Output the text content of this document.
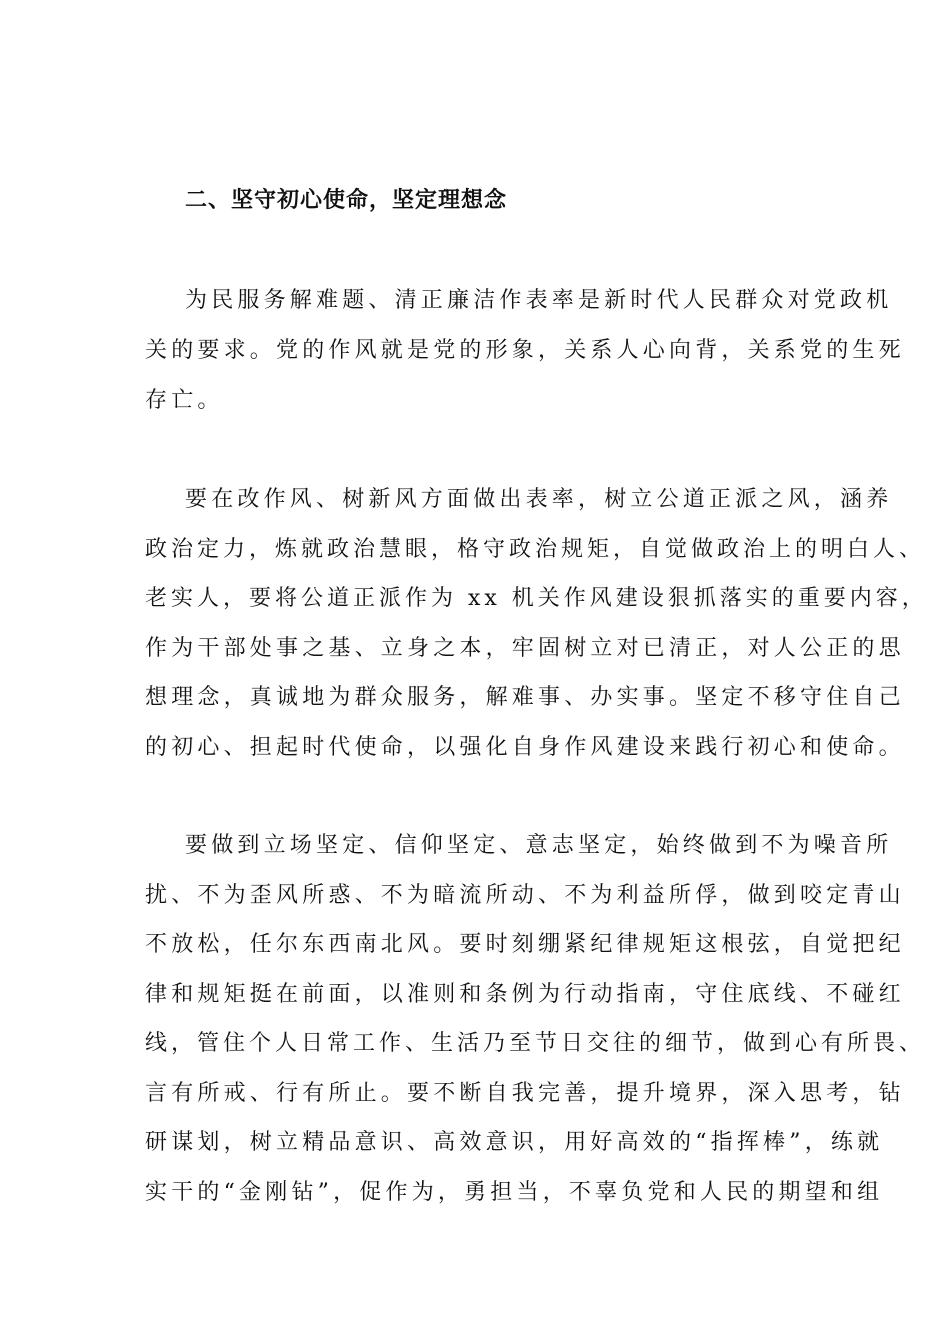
二、坚守初心使命，坚定理想念
为民服务解难题、清正廉洁作表率是新时代人民群众对党政机
关的要求。党的作风就是党的形象，关系人心向背，关系党的生死
存亡。
要在改作风、树新风方面做出表率，树立公道正派之风，涵养
政治定力，炼就政治慧眼，格守政治规矩，自觉做政治上的明白人、
老实人，要将公道正派作为 xx 机关作风建设狠抓落实的重要内容，
作为干部处事之基、立身之本，牢固树立对已清正，对人公正的思
想理念，真诚地为群众服务，解难事、办实事。坚定不移守住自己
的初心、担起时代使命，以强化自身作风建设来践行初心和使命。
要做到立场坚定、信仰坚定、意志坚定，始终做到不为噪音所
扰、不为歪风所惑、不为暗流所动、不为利益所俘，做到咬定青山
不放松，任尔东西南北风。要时刻绷紧纪律规矩这根弦，自觉把纪
律和规矩挺在前面，以准则和条例为行动指南，守住底线、不碰红
线，管住个人日常工作、生活乃至节日交往的细节，做到心有所畏、
言有所戒、行有所止。要不断自我完善，提升境界，深入思考，钻
研谋划，树立精品意识、高效意识，用好高效的“指挥棒”，练就
实干的“金刚钻”，促作为，勇担当，不辜负党和人民的期望和组
